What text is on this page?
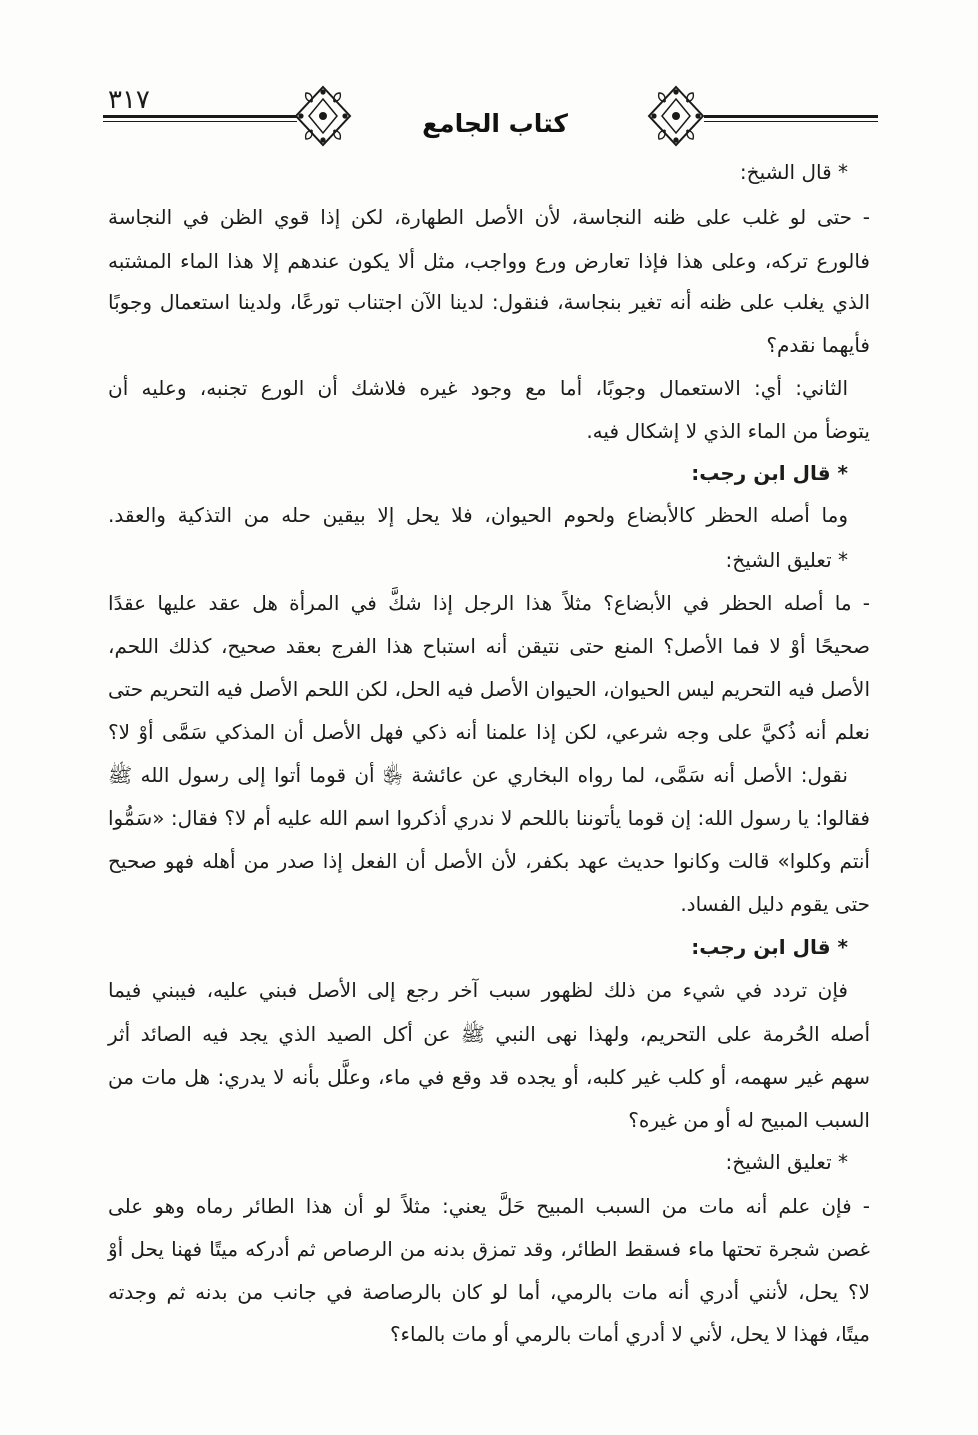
٣١٧
كتاب الجامع
* قال الشيخ:
- حتى لو غلب على ظنه النجاسة، لأن الأصل الطهارة، لكن إذا قوي الظن في النجاسة
فالورع تركه، وعلى هذا فإذا تعارض ورع وواجب، مثل ألا يكون عندهم إلا هذا الماء المشتبه
الذي يغلب على ظنه أنه تغير بنجاسة، فنقول: لدينا الآن اجتناب تورعًا، ولدينا استعمال وجوبًا
فأيهما نقدم؟
الثاني: أي: الاستعمال وجوبًا، أما مع وجود غيره فلاشك أن الورع تجنبه، وعليه أن
يتوضأ من الماء الذي لا إشكال فيه.
* قال ابن رجب:
وما أصله الحظر كالأبضاع ولحوم الحيوان، فلا يحل إلا بيقين حله من التذكية والعقد.
* تعليق الشيخ:
- ما أصله الحظر في الأبضاع؟ مثلاً هذا الرجل إذا شكَّ في المرأة هل عقد عليها عقدًا
صحيحًا أوْ لا فما الأصل؟ المنع حتى نتيقن أنه استباح هذا الفرج بعقد صحيح، كذلك اللحم،
الأصل فيه التحريم ليس الحيوان، الحيوان الأصل فيه الحل، لكن اللحم الأصل فيه التحريم حتى
نعلم أنه ذُكيَّ على وجه شرعي، لكن إذا علمنا أنه ذكي فهل الأصل أن المذكي سَمَّى أوْ لا؟
نقول: الأصل أنه سَمَّى، لما رواه البخاري عن عائشة ﵂ أن قوما أتوا إلى رسول الله ﷺ
فقالوا: يا رسول الله: إن قوما يأتوننا باللحم لا ندري أذكروا اسم الله عليه أم لا؟ فقال: «سَمُّوا
أنتم وكلوا» قالت وكانوا حديث عهد بكفر، لأن الأصل أن الفعل إذا صدر من أهله فهو صحيح
حتى يقوم دليل الفساد.
* قال ابن رجب:
فإن تردد في شيء من ذلك لظهور سبب آخر رجع إلى الأصل فبني عليه، فيبني فيما
أصله الحُرمة على التحريم، ولهذا نهى النبي ﷺ عن أكل الصيد الذي يجد فيه الصائد أثر
سهم غير سهمه، أو كلب غير كلبه، أو يجده قد وقع في ماء، وعلَّل بأنه لا يدري: هل مات من
السبب المبيح له أو من غيره؟
* تعليق الشيخ:
- فإن علم أنه مات من السبب المبيح حَلَّ يعني: مثلاً لو أن هذا الطائر رماه وهو على
غصن شجرة تحتها ماء فسقط الطائر، وقد تمزق بدنه من الرصاص ثم أدركه ميتًا فهنا يحل أوْ
لا؟ يحل، لأنني أدري أنه مات بالرمي، أما لو كان بالرصاصة في جانب من بدنه ثم وجدته
ميتًا، فهذا لا يحل، لأني لا أدري أمات بالرمي أو مات بالماء؟
